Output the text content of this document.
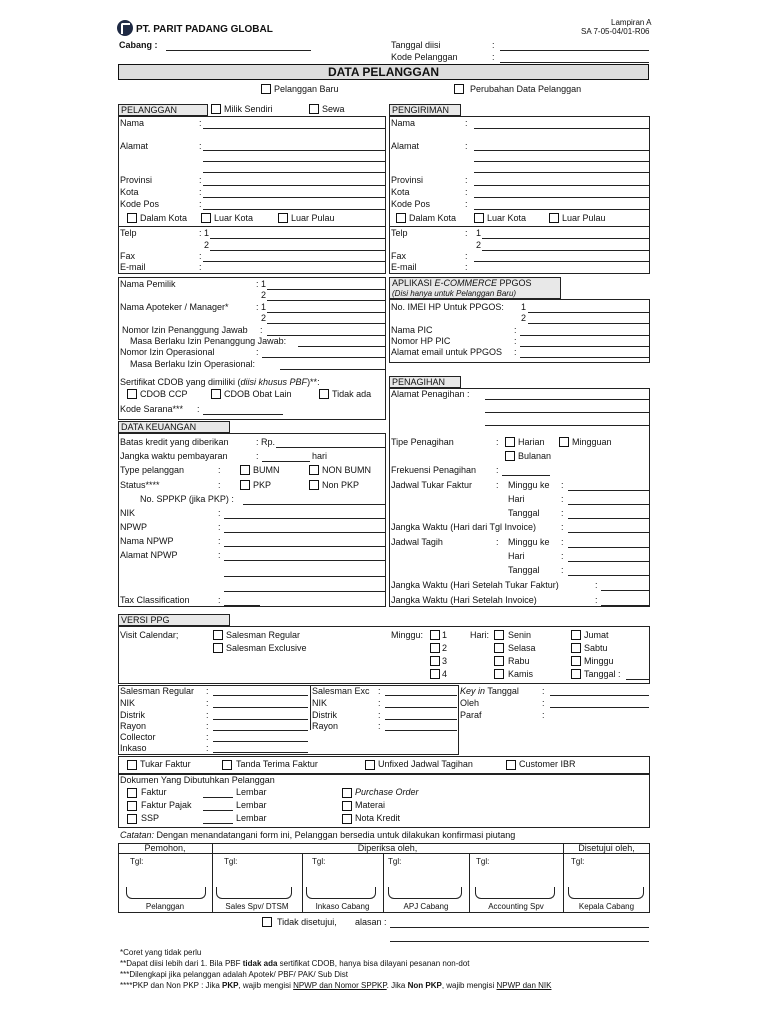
PT. PARIT PADANG GLOBAL
Lampiran A
SA 7-05-04/01-R06
Cabang :	Tanggal diisi	:
Kode Pelanggan	:
DATA PELANGGAN
Pelanggan Baru	Perubahan Data Pelanggan
PELANGGAN	Milik Sendiri	Sewa	PENGIRIMAN
Nama	:
Alamat	:
Provinsi	:
Kota	:
Kode Pos	:
Dalam Kota	Luar Kota	Luar Pulau
Telp	: 1
2
Fax	:
E-mail	:
Nama	:
Alamat	:
Provinsi	:
Kota	:
Kode Pos	:
Dalam Kota	Luar Kota	Luar Pulau
Telp	: 1
2
Fax	:
E-mail	:
Nama Pemilik	: 1
2
Nama Apoteker / Manager*	: 1
2
Nomor Izin Penanggung Jawab :
Masa Berlaku Izin Penanggung Jawab:
Nomor Izin Operasional	:
Masa Berlaku Izin Operasional:
Sertifikat CDOB yang dimiliki (diisi khusus PBF)**:
CDOB CCP	CDOB Obat Lain	Tidak ada
Kode Sarana*** :
APLIKASI E-COMMERCE PPGOS
(Disi hanya untuk Pelanggan Baru)
No. IMEI HP Untuk PPGOS: 1
2
Nama PIC	:
Nomor HP PIC	:
Alamat email untuk PPGOS :
DATA KEUANGAN
Batas kredit yang diberikan	: Rp.
Jangka waktu pembayaran	:	hari
Type pelanggan	:	BUMN	NON BUMN
Status****	:	PKP	Non PKP
No. SPPKP (jika PKP) :
NIK	:
NPWP	:
Nama NPWP	:
Alamat NPWP	:
Tax Classification	:
PENAGIHAN
Alamat Penagihan :
Tipe Penagihan	: Harian	Mingguan
Bulanan
Frekuensi Penagihan :
Jadwal Tukar Faktur	: Minggu ke :
Hari	:
Tanggal :
Jangka Waktu (Hari dari Tgl Invoice)	:
Jadwal Tagih	: Minggu ke :
Hari	:
Tanggal :
Jangka Waktu (Hari Setelah Tukar Faktur)	:
Jangka Waktu (Hari Setelah Invoice)	:
VERSI PPG
Visit Calendar;	Salesman Regular
Salesman Exclusive
Minggu: 1
2
3
4
Hari: Senin
Selasa
Rabu
Kamis
Jumat
Sabtu
Minggu
Tanggal :
Salesman Regular :
NIK	:
Distrik	:
Rayon	:
Collector	:
Inkaso	:
Salesman Exc :
NIK	:
Distrik	:
Rayon	:
Key in Tanggal	:
Oleh	:
Paraf	:
Tukar Faktur	Tanda Terima Faktur	Unfixed Jadwal Tagihan	Customer IBR
Dokumen Yang Dibutuhkan Pelanggan
Faktur	Lembar
Faktur Pajak	Lembar
SSP	Lembar
Purchase Order
Materai
Nota Kredit
Catatan: Dengan menandatangani form ini, Pelanggan bersedia untuk dilakukan konfirmasi piutang
Pemohon,	Diperiksa oleh,	Disetujui oleh,
Tgl:	Tgl:	Tgl:	Tgl:	Tgl:	Tgl:
Pelanggan	Sales Spv/ DTSM	Inkaso Cabang	APJ Cabang	Accounting Spv	Kepala Cabang
Tidak disetujui, alasan :
*Coret yang tidak perlu
**Dapat diisi lebih dari 1. Bila PBF tidak ada sertifikat CDOB, hanya bisa dilayani pesanan non-dot
***Dilengkapi jika pelanggan adalah Apotek/ PBF/ PAK/ Sub Dist
****PKP dan Non PKP : Jika PKP, wajib mengisi NPWP dan Nomor SPPKP. Jika Non PKP, wajib mengisi NPWP dan NIK
